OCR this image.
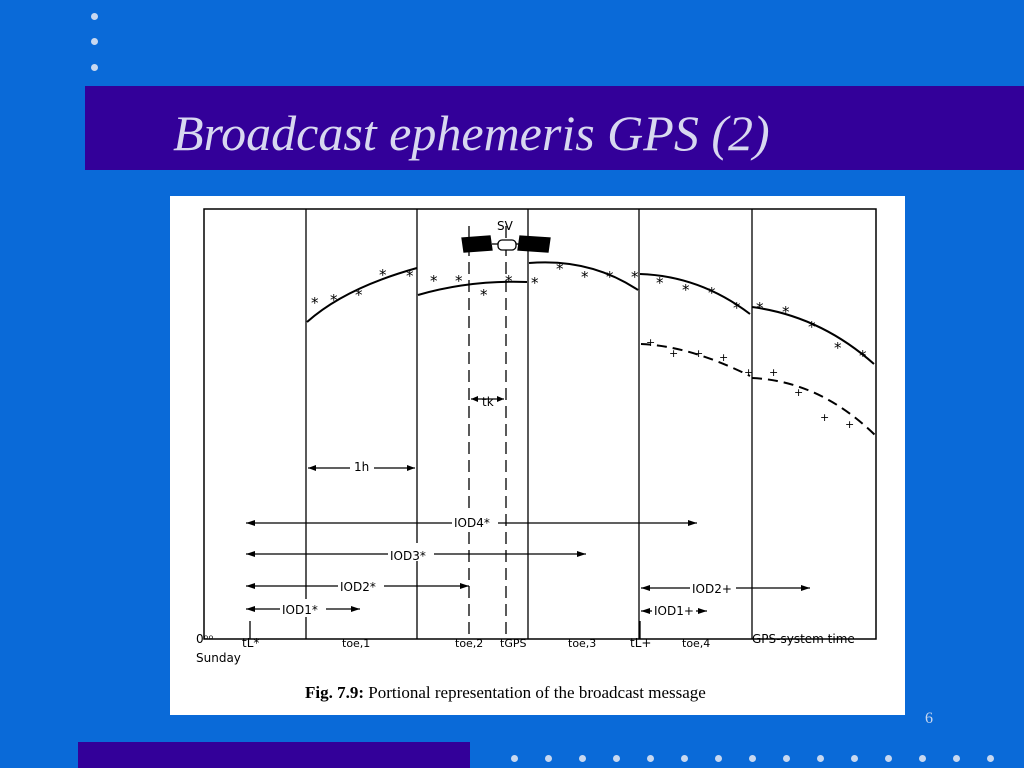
Broadcast ephemeris GPS (2)
SV
* * *
* * * *
*
* *
* * * * * * *
* * *
*
* *
+
+ + +
+ +
+
+
+
tk
1h
IOD4*
IOD3*
IOD2*
IOD1*
IOD2+
IOD1+
0ᵒᵒ
Sunday
tL*	toe,1	toe,2 tGPS	toe,3	tL+	toe,4	GPS-system time
Fig. 7.9: Portional representation of the broadcast message
6
